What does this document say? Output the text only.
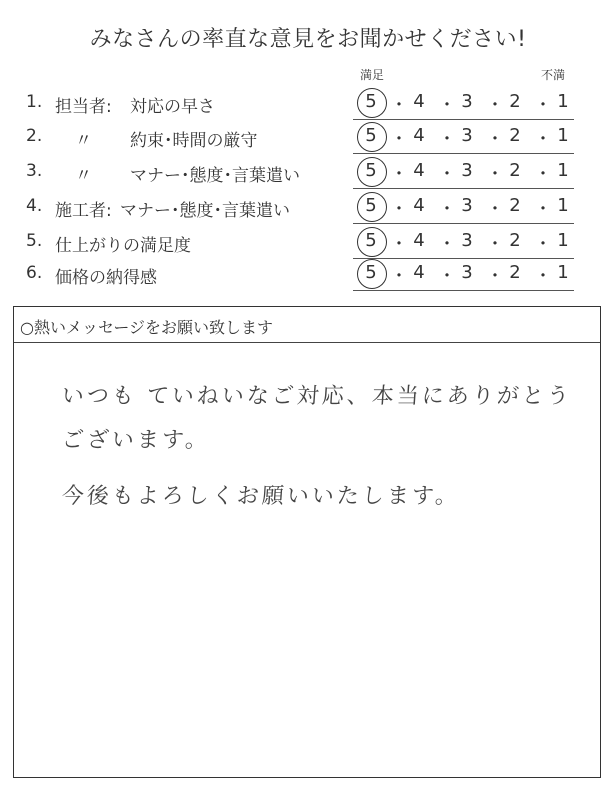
みなさんの率直な意見をお聞かせください!
満足	不満
1. 担当者: 対応の早さ	5 ・ 4 ・ 3 ・ 2 ・ 1
2. 〃 約束･時間の厳守	5 ・ 4 ・ 3 ・ 2 ・ 1
3. 〃 マナー･態度･言葉遣い	5 ・ 4 ・ 3 ・ 2 ・ 1
4. 施工者: マナー･態度･言葉遣い	5 ・ 4 ・ 3 ・ 2 ・ 1
5. 仕上がりの満足度	5 ・ 4 ・ 3 ・ 2 ・ 1
6. 価格の納得感	5 ・ 4 ・ 3 ・ 2 ・ 1
○熱いメッセージをお願い致します
いつも ていねいなご対応、本当にありがとう
ございます。
今後もよろしくお願いいたします。
